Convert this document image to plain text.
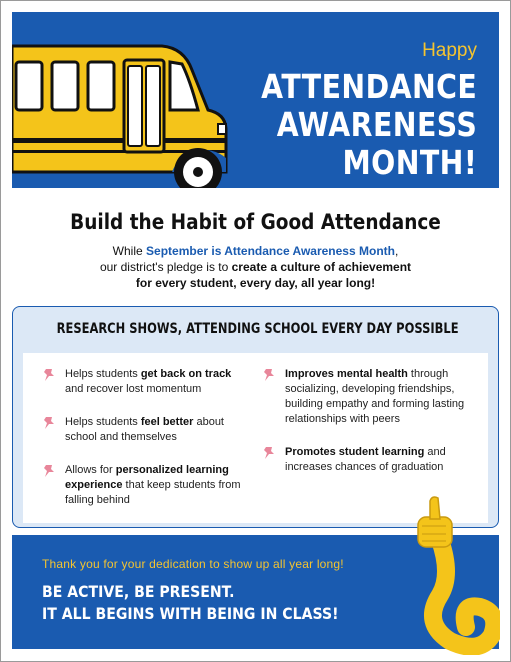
Happy
ATTENDANCE
AWARENESS
MONTH!
Build the Habit of Good Attendance
While September is Attendance Awareness Month,
our district's pledge is to create a culture of achievement
for every student, every day, all year long!
RESEARCH SHOWS, ATTENDING SCHOOL EVERY DAY POSSIBLE
Helps students get back on track and recover lost momentum
Helps students feel better about school and themselves
Allows for personalized learning experience that keep students from falling behind
Improves mental health through socializing, developing friendships, building empathy and forming lasting relationships with peers
Promotes student learning and increases chances of graduation
Thank you for your dedication to show up all year long!
BE ACTIVE, BE PRESENT.
IT ALL BEGINS WITH BEING IN CLASS!
